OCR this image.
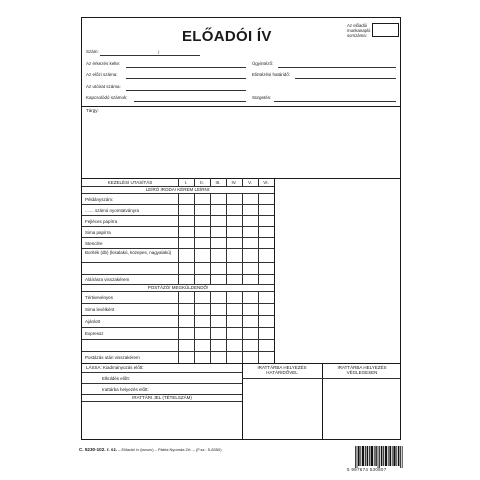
ELŐADÓI ÍV
Az előadói munkanapló sorszáma:
Szám:	/
Az érkezés kelte:	Ügyintéző:
Az előzi száma:	Elintézési határidő:
Az utóirat száma:
Kapcsolódó számok:	Sürgetés:
Tárgy:
KEZELÉSI UTASÍTÁS	I.	II.	III.	IV.	V.	VI.
LEÍRÓ IRODA! KÉREM LEÍRNI:
Példányszám:
....... számú nyomtatványra
Fejléces papírra
Sima papírra
Stencilre
Boríték (db) (kisalakú, közepes, nagyalakú)
Aláírásra visszakérem
POSTÁZÓ! MEGKÜLDENDŐ!
Tértivevényes
Sima levélként
Ajánlott
Expressz
Postázás után visszakérem
LÁSSA: Kiadmányozás előtt:
Elküldés előtt:
Irattárba helyezés előtt:
IRATTÁRI JEL (TÉTELSZÁM)
IRATTÁRBA HELYEZÉS HATÁRIDŐVEL
IRATTÁRBA HELYEZÉS VÉGLEGESEN
C. 5230-102. r. sz. – Előadói ív (iarxov) – Pátria Nyomda Zrt. – (F.sz.: 5-8350)
5 997674 530807
